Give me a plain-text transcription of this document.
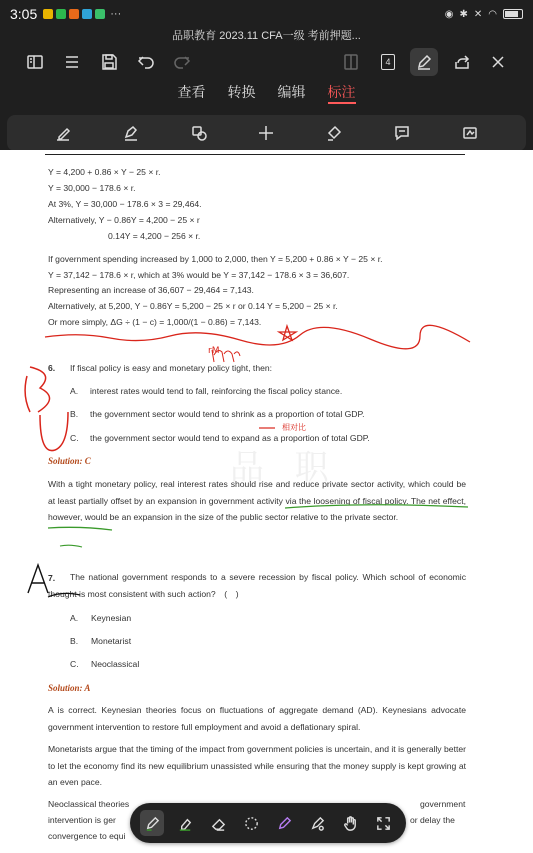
3:05	···	◉ ✱ ✕ ◠
品职教育 2023.11 CFA一级 考前押题...
4
查看 转换 编辑 标注
品 职
Y = 4,200 + 0.86 × Y − 25 × r.
Y = 30,000 − 178.6 × r.
At 3%, Y = 30,000 − 178.6 × 3 = 29,464.
Alternatively, Y − 0.86Y = 4,200 − 25 × r
0.14Y = 4,200 − 256 × r.
If government spending increased by 1,000 to 2,000, then Y = 5,200 + 0.86 × Y − 25 × r.
Y = 37,142 − 178.6 × r, which at 3% would be Y = 37,142 − 178.6 × 3 = 36,607.
Representing an increase of 36,607 − 29,464 = 7,143.
Alternatively, at 5,200, Y − 0.86Y = 5,200 − 25 × r or 0.14 Y = 5,200 − 25 × r.
Or more simply, ΔG ÷ (1 − c) = 1,000/(1 − 0.86) = 7,143.
6. If fiscal policy is easy and monetary policy tight, then:
A. interest rates would tend to fall, reinforcing the fiscal policy stance.
B. the government sector would tend to shrink as a proportion of total GDP.
C. the government sector would tend to expand as a proportion of total GDP.
Solution: C
With a tight monetary policy, real interest rates should rise and reduce private sector activity, which could be at least partially offset by an expansion in government activity via the loosening of fiscal policy. The net effect, however, would be an expansion in the size of the public sector relative to the private sector.
7.	The national government responds to a severe recession by fiscal policy. Which school of economic thought is most consistent with such action?　(　)
A. Keynesian
B. Monetarist
C. Neoclassical
Solution: A
A is correct. Keynesian theories focus on fluctuations of aggregate demand (AD). Keynesians advocate government intervention to restore full employment and avoid a deflationary spiral.
Monetarists argue that the timing of the impact from government policies is uncertain, and it is generally better to let the economy find its new equilibrium unassisted while ensuring that the money supply is kept growing at an even pace.
Neoclassical theories	government
intervention is ger	or delay the
convergence to equi
rM
相对比
